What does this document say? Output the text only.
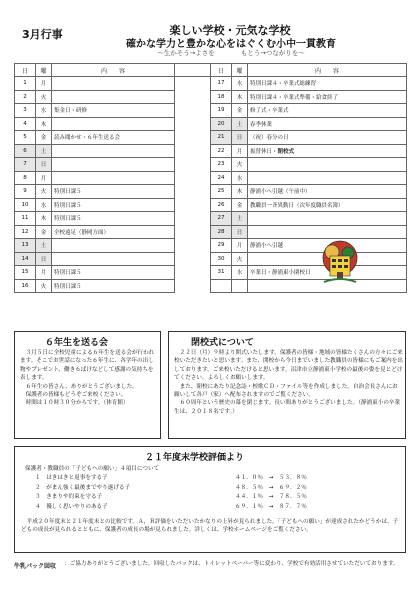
3月行事	楽しい学校・元気な学校
確かな学力と豊かな心をはぐくむ小中一貫教育
～生かそう→よさを　　　　もとう→つながりを～
日	曜	内　　容		日	曜	内　　容
1	月			17	水	特別日課４・卒業式総練習
2	火			18	木	特別日課４・卒業式準備・給食終了
3	水	集金日・研修		19	金	修了式・卒業式
4	木			20	土	春季休業
5	金	読み聞かせ・６年生送る会		21	日	（祝）春分の日
6	土			22	月	振替休日・閉校式
7	日			23	火	
8	月			24	水	
9	火	特別日課５		25	木	静浦小へ引越（午前中）
10	水	特別日課５		26	金	教職員一斉異動日（次年度職員名簿）
11	木	特別日課５		27	土	
12	金	全校遠足（静岡方面）		28	日	
13	土			29	月	静浦小へ引越
14	日			30	火	
15	月	特別日課５		31	水	卒業日・静浦東小閉校日
16	火	特別日課５				
６年生を送る会
　３月５日に全校児童による６年生を送る会が行われます。そこでお世話になった６年生に、各学年の出し物やプレゼント、働き６ばけなどして感謝の気持ちを表します。
　６年生の皆さん、ありがとうございました。
　保護者の皆様もどうぞご来校ください。
　時間は１０時３０分からです。（体育館）
閉校式について
　２２日（月）９時より開式いたします。保護者の皆様・地域の皆様たくさんの方々にご来校いただきたいと思います。また、開校から今日までいました教職員の皆様にもご案内を出しております。ご来校いただけると思います。沼津市立静浦東小学校の最後の姿を見とどけてください。よろしくお願いします。
　また、閉校にあたり記念誌・校歌ＣＤ・ファイル等を作成しました。自治会長さんにお願いして各戸（家）へ配布されますのでご覧ください。
　６０周年という歴史の幕を閉じます。長い間ありがとうございました。（静浦東小の卒業生は、２０１８名です。）
２１年度末学校評価より
保護者・教職員の「子どもへの願い」４項目について
１　はきはきと返事をする子	４１．０％　→　５３．８％
２　がまん強く最後までやり遂げる子	４８．５％　→　６９．２％
３　きまりや約束を守る子	４４．１％　→　７８．５％
４　優しく思いやりのある子	６９．１％　→　８７．７％
　平成２０年度末と２１年度末との比較です。Ａ，Ｂ評価をいただいたかなりの上昇が見られました。「子どもへの願い」が達成されたかどうかは、子どもの成長が見られるとともに、保護者の成長の場が見られました。詳しくは、学校ホームページをご覧ください。
牛乳パック回収 ：ご協力ありがとうございました。回収したパックは、トイレットペーパー等に変わり、学校で有効活用させていただいております。
